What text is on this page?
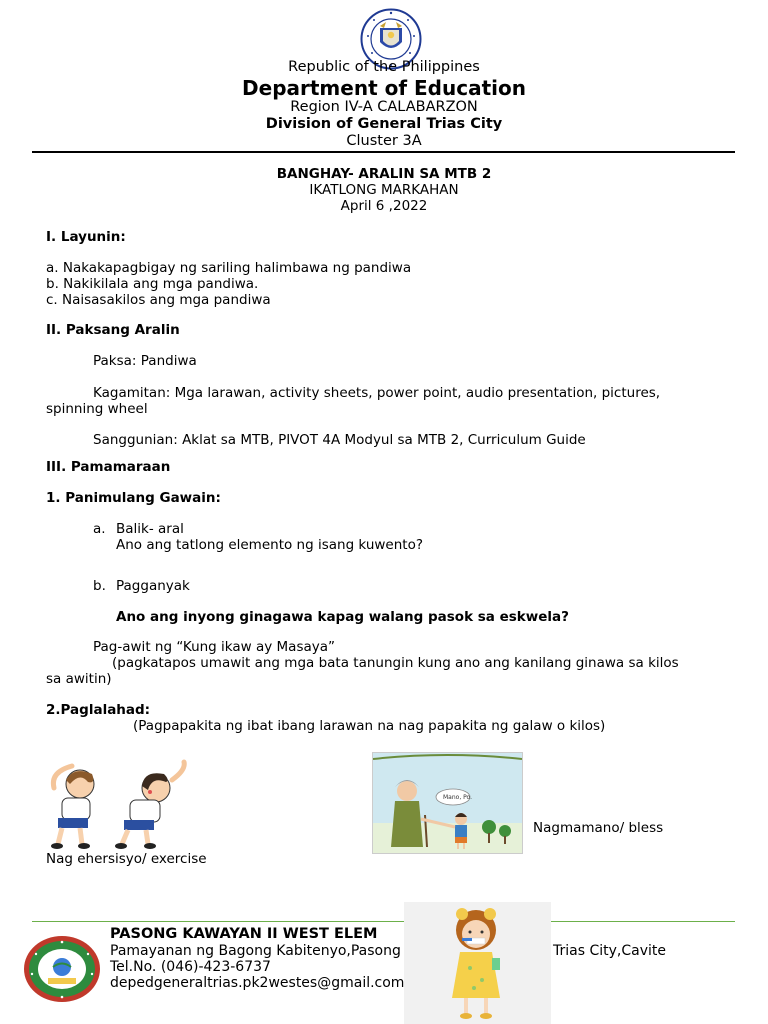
Republic of the Philippines
Department of Education
Region IV-A CALABARZON
Division of General Trias City
Cluster 3A
BANGHAY- ARALIN SA MTB 2
IKATLONG MARKAHAN
April 6 ,2022
I. Layunin:
a. Nakakapagbigay ng sariling halimbawa ng pandiwa
b. Nakikilala ang mga pandiwa.
c. Naisasakilos ang mga pandiwa
II. Paksang Aralin
Paksa: Pandiwa
Kagamitan: Mga larawan, activity sheets, power point, audio presentation, pictures,
spinning wheel
Sanggunian: Aklat sa MTB, PIVOT 4A Modyul sa MTB 2, Curriculum Guide
III. Pamamaraan
1. Panimulang Gawain:
a. Balik- aral
Ano ang tatlong elemento ng isang kuwento?
b. Pagganyak
Ano ang inyong ginagawa kapag walang pasok sa eskwela?
Pag-awit ng “Kung ikaw ay Masaya”
(pagkatapos umawit ang mga bata tanungin kung ano ang kanilang ginawa sa kilos
sa awitin)
2.Paglalahad:
(Pagpapakita ng ibat ibang larawan na nag papakita ng galaw o kilos)
Nag ehersisyo/ exercise
Mano, Po.
Nagmamano/ bless
PASONG KAWAYAN II WEST ELEM
Pamayanan ng Bagong Kabitenyo,Pasong	Trias City,Cavite
Tel.No. (046)-423-6737
depedgeneraltrias.pk2westes@gmail.com
